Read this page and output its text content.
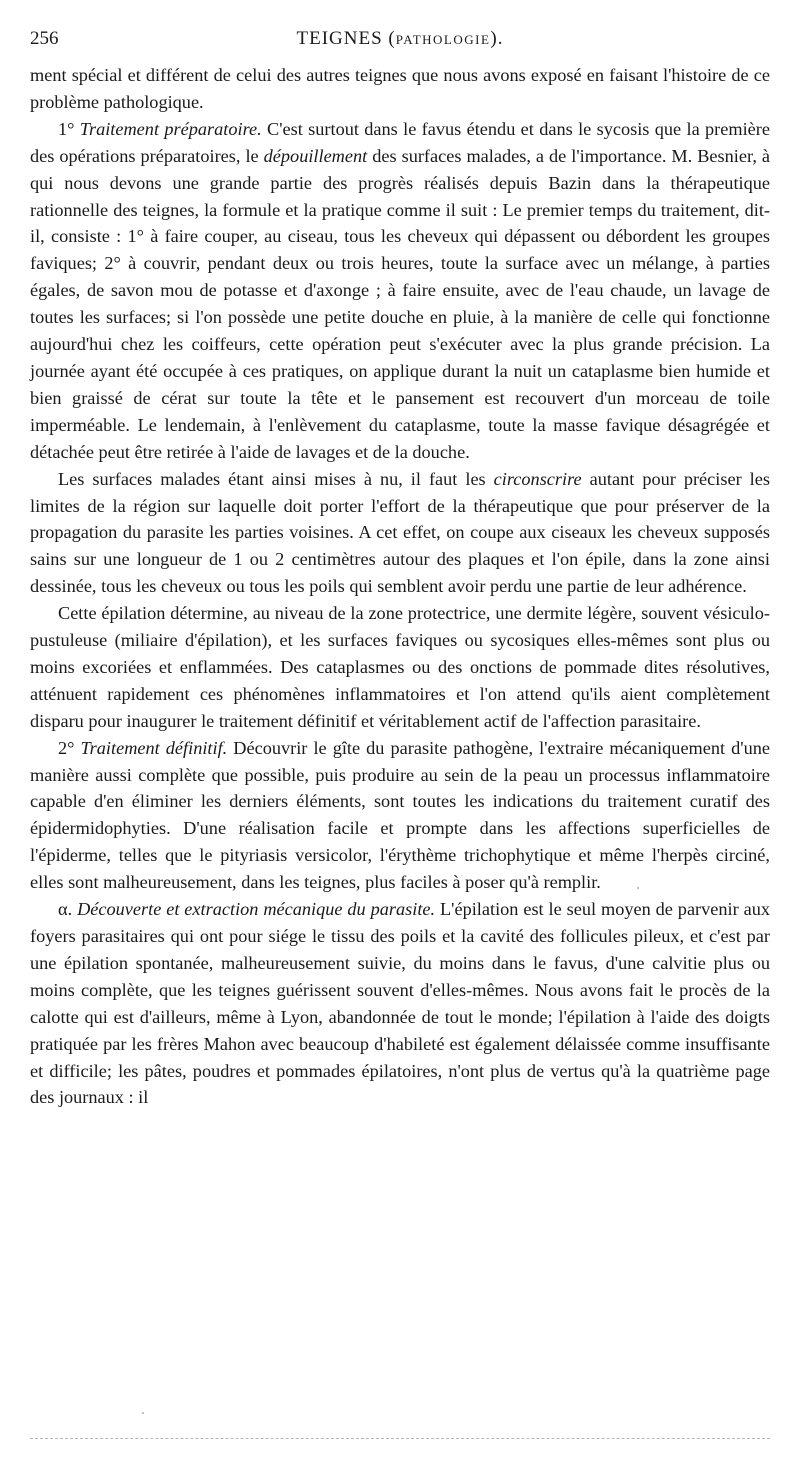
256	TEIGNES (PATHOLOGIE).

ment spécial et différent de celui des autres teignes que nous avons exposé en faisant l'histoire de ce problème pathologique.

1° Traitement préparatoire. C'est surtout dans le favus étendu et dans le sycosis que la première des opérations préparatoires, le dépouillement des surfaces malades, a de l'importance. M. Besnier, à qui nous devons une grande partie des progrès réalisés depuis Bazin dans la thérapeutique rationnelle des teignes, la formule et la pratique comme il suit : Le premier temps du traitement, dit-il, consiste : 1° à faire couper, au ciseau, tous les cheveux qui dépassent ou débordent les groupes faviques; 2° à couvrir, pendant deux ou trois heures, toute la surface avec un mélange, à parties égales, de savon mou de potasse et d'axonge ; à faire ensuite, avec de l'eau chaude, un lavage de toutes les surfaces; si l'on possède une petite douche en pluie, à la manière de celle qui fonctionne aujourd'hui chez les coiffeurs, cette opération peut s'exécuter avec la plus grande précision. La journée ayant été occupée à ces pratiques, on applique durant la nuit un cataplasme bien humide et bien graissé de cérat sur toute la tête et le pansement est recouvert d'un morceau de toile imperméable. Le lendemain, à l'enlèvement du cataplasme, toute la masse favique désagrégée et détachée peut être retirée à l'aide de lavages et de la douche.

Les surfaces malades étant ainsi mises à nu, il faut les circonscrire autant pour préciser les limites de la région sur laquelle doit porter l'effort de la thérapeutique que pour préserver de la propagation du parasite les parties voisines. A cet effet, on coupe aux ciseaux les cheveux supposés sains sur une longueur de 1 ou 2 centimètres autour des plaques et l'on épile, dans la zone ainsi dessinée, tous les cheveux ou tous les poils qui semblent avoir perdu une partie de leur adhérence.

Cette épilation détermine, au niveau de la zone protectrice, une dermite légère, souvent vésiculo-pustuleuse (miliaire d'épilation), et les surfaces faviques ou sycosiques elles-mêmes sont plus ou moins excoriées et enflammées. Des cataplasmes ou des onctions de pommade dites résolutives, atténuent rapidement ces phénomènes inflammatoires et l'on attend qu'ils aient complètement disparu pour inaugurer le traitement définitif et véritablement actif de l'affection parasitaire.

2° Traitement définitif. Découvrir le gîte du parasite pathogène, l'extraire mécaniquement d'une manière aussi complète que possible, puis produire au sein de la peau un processus inflammatoire capable d'en éliminer les derniers éléments, sont toutes les indications du traitement curatif des épidermidophyties. D'une réalisation facile et prompte dans les affections superficielles de l'épiderme, telles que le pityriasis versicolor, l'érythème trichophytique et même l'herpès circiné, elles sont malheureusement, dans les teignes, plus faciles à poser qu'à remplir.

α. Découverte et extraction mécanique du parasite. L'épilation est le seul moyen de parvenir aux foyers parasitaires qui ont pour siége le tissu des poils et la cavité des follicules pileux, et c'est par une épilation spontanée, malheureusement suivie, du moins dans le favus, d'une calvitie plus ou moins complète, que les teignes guérissent souvent d'elles-mêmes. Nous avons fait le procès de la calotte qui est d'ailleurs, même à Lyon, abandonnée de tout le monde; l'épilation à l'aide des doigts pratiquée par les frères Mahon avec beaucoup d'habileté est également délaissée comme insuffisante et difficile; les pâtes, poudres et pommades épilatoires, n'ont plus de vertus qu'à la quatrième page des journaux : il
